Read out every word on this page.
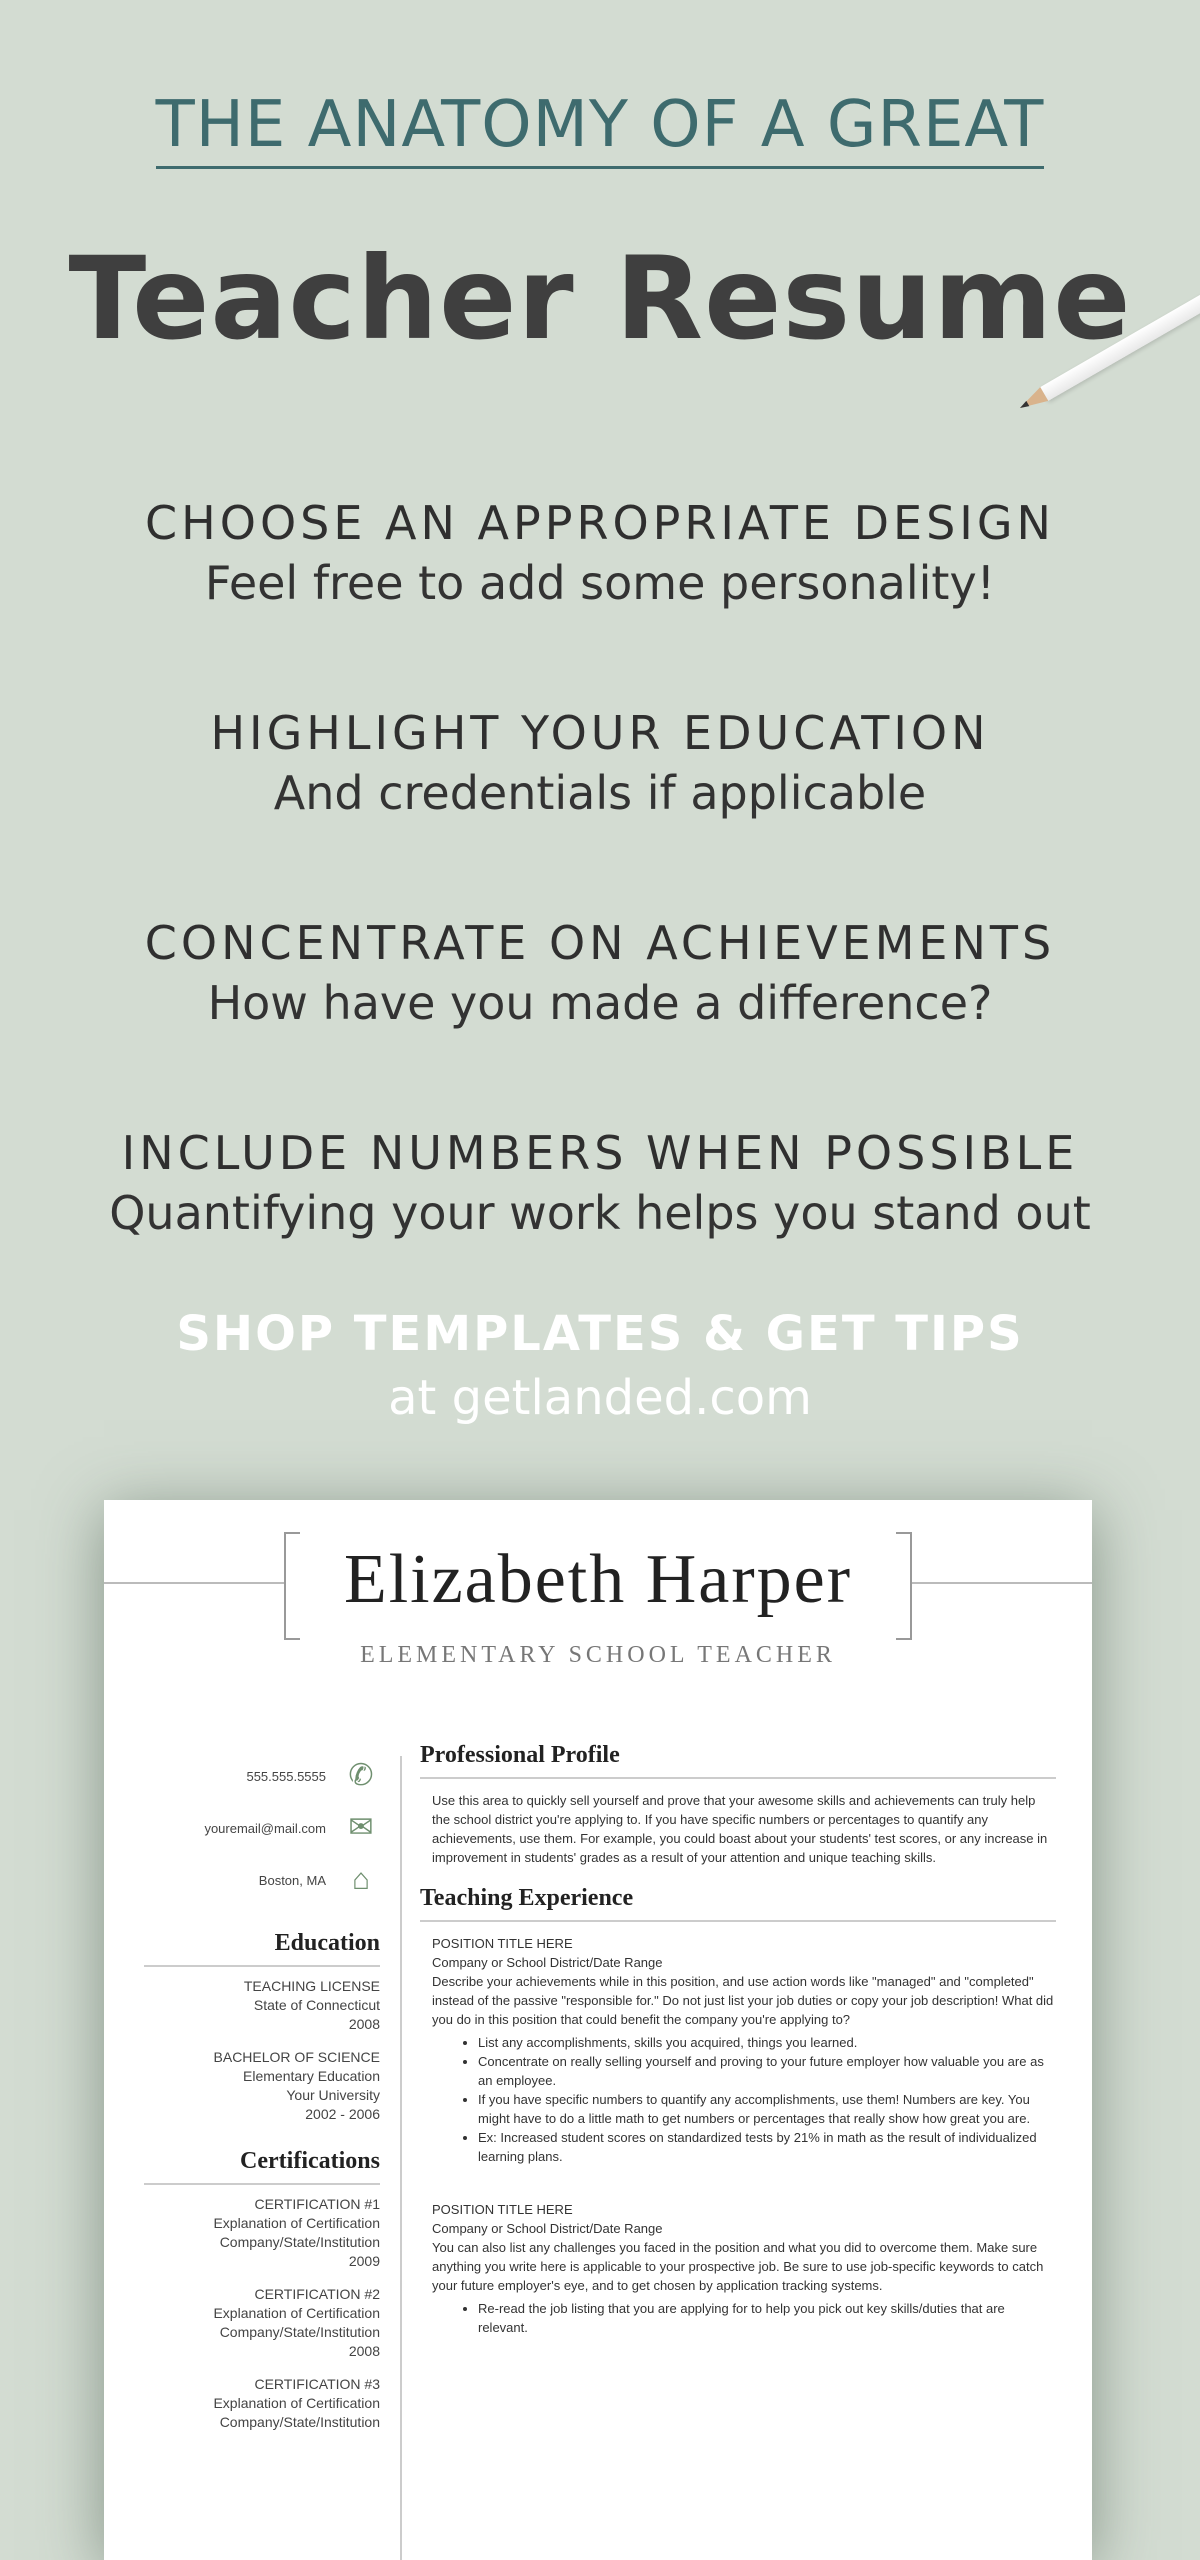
THE ANATOMY OF A GREAT
Teacher Resume
CHOOSE AN APPROPRIATE DESIGN
Feel free to add some personality!
HIGHLIGHT YOUR EDUCATION
And credentials if applicable
CONCENTRATE ON ACHIEVEMENTS
How have you made a difference?
INCLUDE NUMBERS WHEN POSSIBLE
Quantifying your work helps you stand out
SHOP TEMPLATES & GET TIPS
at getlanded.com
Elizabeth Harper
ELEMENTARY SCHOOL TEACHER
555.555.5555 ✆
youremail@mail.com ✉
Boston, MA ⌂
Education
TEACHING LICENSE
State of Connecticut
2008
BACHELOR OF SCIENCE
Elementary Education
Your University
2002 - 2006
Certifications
CERTIFICATION #1
Explanation of Certification
Company/State/Institution
2009
CERTIFICATION #2
Explanation of Certification
Company/State/Institution
2008
CERTIFICATION #3
Explanation of Certification
Company/State/Institution
Professional Profile

Use this area to quickly sell yourself and prove that your awesome skills and achievements can truly help the school district you're applying to. If you have specific numbers or percentages to quantify any achievements, use them. For example, you could boast about your students' test scores, or any increase in improvement in students' grades as a result of your attention and unique teaching skills.

Teaching Experience
POSITION TITLE HERE
Company or School District/Date Range
Describe your achievements while in this position, and use action words like "managed" and "completed" instead of the passive "responsible for." Do not just list your job duties or copy your job description! What did you do in this position that could benefit the company you're applying to?
• List any accomplishments, skills you acquired, things you learned.
• Concentrate on really selling yourself and proving to your future employer how valuable you are as an employee.
• If you have specific numbers to quantify any accomplishments, use them! Numbers are key. You might have to do a little math to get numbers or percentages that really show how great you are.
• Ex: Increased student scores on standardized tests by 21% in math as the result of individualized learning plans.
POSITION TITLE HERE
Company or School District/Date Range
You can also list any challenges you faced in the position and what you did to overcome them. Make sure anything you write here is applicable to your prospective job. Be sure to use job-specific keywords to catch your future employer's eye, and to get chosen by application tracking systems.
• Re-read the job listing that you are applying for to help you pick out key skills/duties that are relevant.
